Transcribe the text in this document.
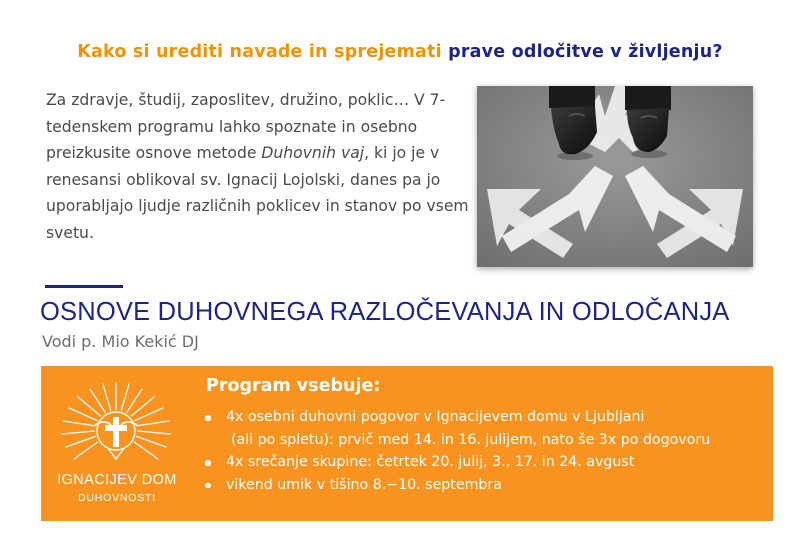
Kako si urediti navade in sprejemati prave odločitve v življenju?
Za zdravje, študij, zaposlitev, družino, poklic… V 7-tedenskem programu lahko spoznate in osebno preizkusite osnove metode Duhovnih vaj, ki jo je v renesansi oblikoval sv. Ignacij Lojolski, danes pa jo uporabljajo ljudje različnih poklicev in stanov po vsem svetu.
OSNOVE DUHOVNEGA RAZLOČEVANJA IN ODLOČANJA
Vodi p. Mio Kekić DJ
IGNACIJEV DOM
DUHOVNOSTI
Program vsebuje:
4x osebni duhovni pogovor v Ignacijevem domu v Ljubljani
(ali po spletu): prvič med 14. in 16. julijem, nato še 3x po dogovoru
4x srečanje skupine: četrtek 20. julij, 3., 17. in 24. avgust
vikend umik v tišino 8.−10. septembra
